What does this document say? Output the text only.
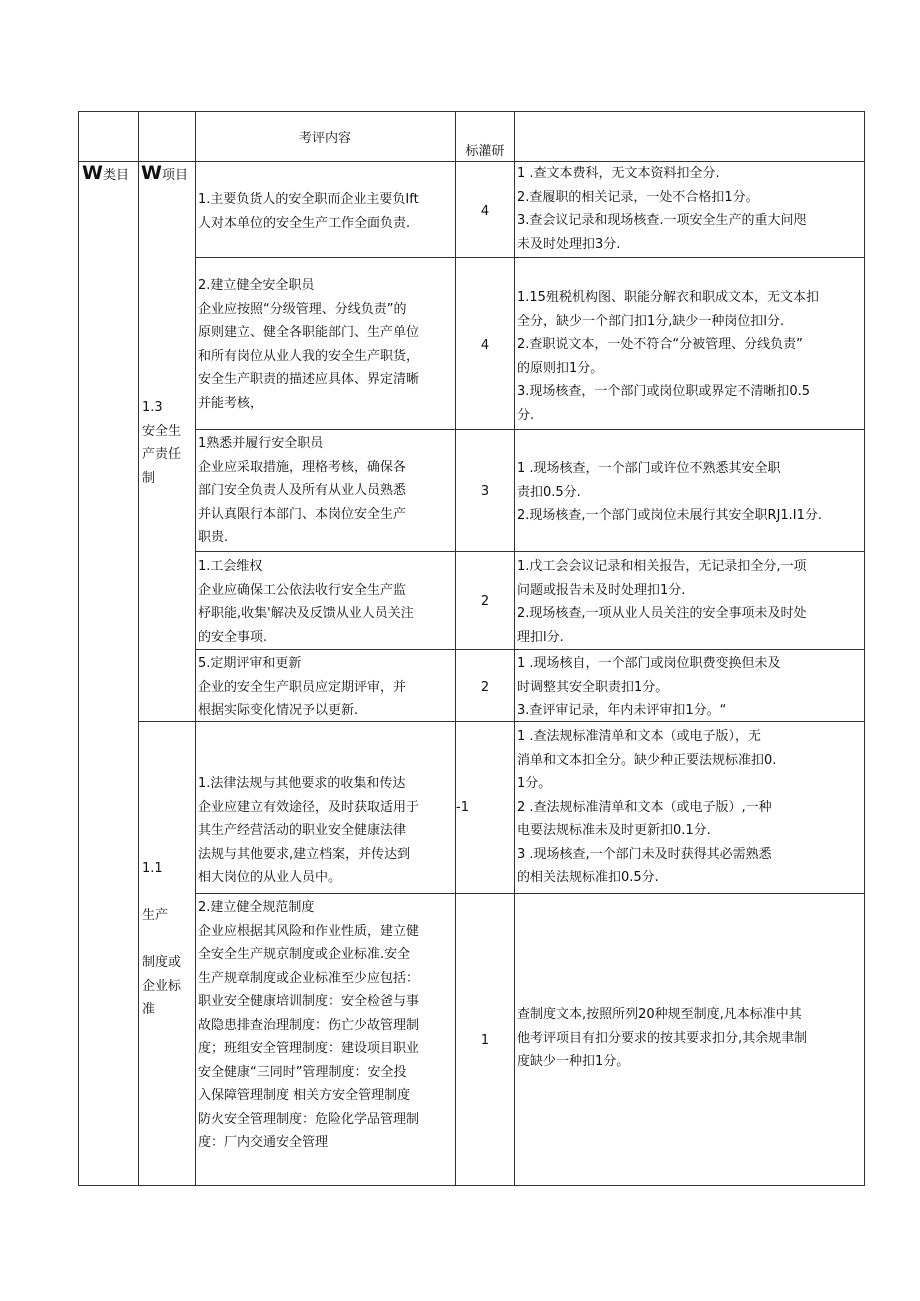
W类目 W项目

考评内容
标灌研
1.3
安全生
产责任
制
1.主要负货人的安全职而企业主要负Ift
人对本单位的安全生产工作全面负责.
4
1 .查文本费科，无文本资料扣全分.
2.查履职的相关记录，一处不合格扣1分。
3.查会议记录和现场核查.一项安全生产的重大问咫
未及时处理扣3分.
2.建立健全安全职员
企业应按照“分级管理、分线负责”的
原则建立、健全各职能部门、生产单位
和所有岗位从业人我的安全生产职货，
安全生产职责的描述应具体、界定清晰
并能考核，
4
1.15殂税机构图、职能分解衣和职成文本，无文本扣
全分，缺少一个部门扣1分,缺少一种岗位扣l分.
2.查职说文本，一处不符合“分被管理、分线负责”
的原则扣1分。
3.现场核查，一个部门或岗位职或界定不清晰扣0.5
分.
1熟悉并履行安全职员
企业应采取措施，理格考核，确保各
部门安全负责人及所有从业人员熟悉
并认真限行本部门、本岗位安全生产
职贵.
3
1 .现场核查，一个部门或许位不熟悉其安全职
责扣0.5分.
2.现场核查,一个部门或岗位未展行其安全职RJ1.I1分.
1.工会维权
企业应确保工公依法收行安全生产监
杼职能,收集'解决及反馈从业人员关注
的安全事项.
2
1.戊工会会议记录和相关报告，无记录扣全分,一项
问题或报告未及时处理扣1分.
2.现场核查,一项从业人员关注的安全事项未及时处
理扣l分.
5.定期评审和更新
企业的安全生产职员应定期评审，并
根据实际变化情况予以更新.
2
1 .现场核自，一个部门或岗位职费变换但未及
时调整其安全职责扣1分。
3.查评审记录，年内未评审扣1分。“
1.1

生产

制度或
企业标
准
1.法律法规与其他要求的收集和传达
企业应建立有效途径，及时获取适用于
其生产经营活动的职业安全健康法律
法规与其他要求,建立档案，并传达到
相大岗位的从业人员中。
-1
1 .查法规标准清单和文本（或电子版），无
消单和文本扣全分。缺少种正要法规标准扣0.
1分。
2 .查法规标准清单和文本（或电子版）,一种
电要法规标准未及时更新扣0.1分.
3 .现场核查,一个部门未及时获得其必需熟悉
的相关法规标准扣0.5分.
2.建立健全规范制度
企业应根据其风险和作业性质，建立健
全安全生产规京制度或企业标准.安全
生产规章制度或企业标准至少应包括：
职业安全健康培训制度：安全检爸与事
故隐患排查治理制度：伤亡少故管理制
度；班组安全管理制度：建设项目职业
安全健康“三同时”管理制度：安全投
入保障管理制度 相关方安全管理制度
防火安全管理制度：危险化学品管理制
度：厂内交通安全管理
1
查制度文本,按照所列20种规至制度,凡本标准中其
他考评项目有扣分要求的按其要求扣分,其余规聿制
度缺少一种扣1分。
